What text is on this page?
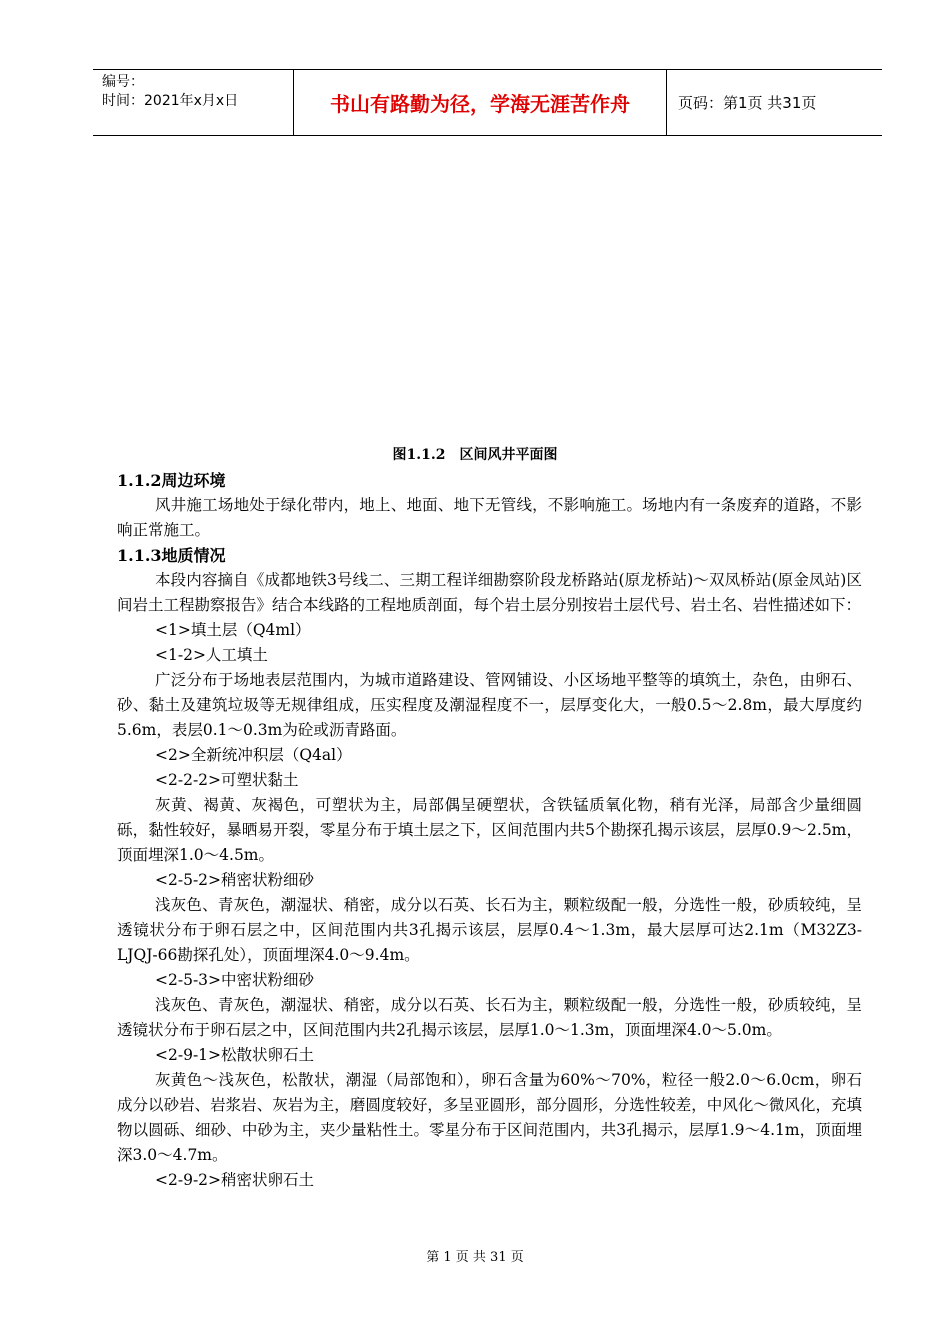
编号：
时间：2021年x月x日	书山有路勤为径，学海无涯苦作舟	页码：第1页 共31页
图1.1.2　区间风井平面图

1.1.2周边环境

风井施工场地处于绿化带内，地上、地面、地下无管线，不影响施工。场地内有一条废弃的道路，不影响正常施工。

1.1.3地质情况

本段内容摘自《成都地铁3号线二、三期工程详细勘察阶段龙桥路站(原龙桥站)～双凤桥站(原金凤站)区间岩土工程勘察报告》结合本线路的工程地质剖面，每个岩土层分别按岩土层代号、岩土名、岩性描述如下：

<1>填土层（Q4ml）

<1-2>人工填土

广泛分布于场地表层范围内，为城市道路建设、管网铺设、小区场地平整等的填筑土，杂色，由卵石、砂、黏土及建筑垃圾等无规律组成，压实程度及潮湿程度不一，层厚变化大，一般0.5～2.8m，最大厚度约5.6m，表层0.1～0.3m为砼或沥青路面。

<2>全新统冲积层（Q4al）

<2-2-2>可塑状黏土

灰黄、褐黄、灰褐色，可塑状为主，局部偶呈硬塑状，含铁锰质氧化物，稍有光泽，局部含少量细圆砾，黏性较好，暴晒易开裂，零星分布于填土层之下，区间范围内共5个勘探孔揭示该层，层厚0.9～2.5m，顶面埋深1.0～4.5m。

<2-5-2>稍密状粉细砂

浅灰色、青灰色，潮湿状、稍密，成分以石英、长石为主，颗粒级配一般，分选性一般，砂质较纯，呈透镜状分布于卵石层之中，区间范围内共3孔揭示该层，层厚0.4～1.3m，最大层厚可达2.1m（M32Z3-LJQJ-66勘探孔处），顶面埋深4.0～9.4m。

<2-5-3>中密状粉细砂

浅灰色、青灰色，潮湿状、稍密，成分以石英、长石为主，颗粒级配一般，分选性一般，砂质较纯，呈透镜状分布于卵石层之中，区间范围内共2孔揭示该层，层厚1.0～1.3m，顶面埋深4.0～5.0m。

<2-9-1>松散状卵石土

灰黄色～浅灰色，松散状，潮湿（局部饱和），卵石含量为60%～70%，粒径一般2.0～6.0cm，卵石成分以砂岩、岩浆岩、灰岩为主，磨圆度较好，多呈亚圆形，部分圆形，分选性较差，中风化～微风化，充填物以圆砾、细砂、中砂为主，夹少量粘性土。零星分布于区间范围内，共3孔揭示，层厚1.9～4.1m，顶面埋深3.0～4.7m。

<2-9-2>稍密状卵石土

第 1 页 共 31 页
